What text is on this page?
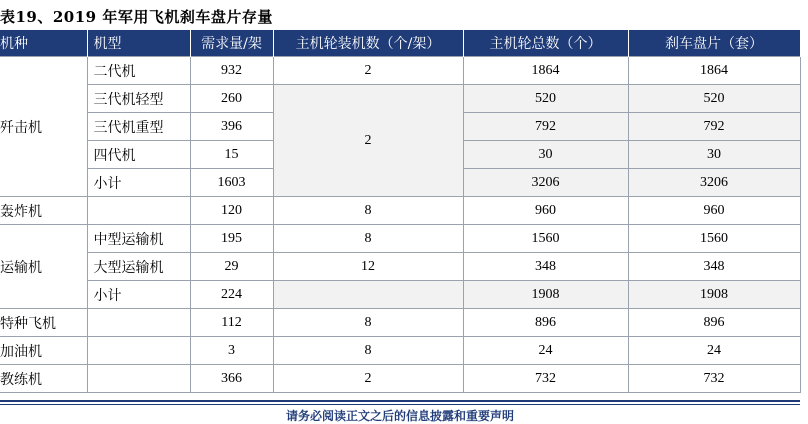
表19、2019 年军用飞机刹车盘片存量
机种	机型	需求量/架	主机轮装机数（个/架）	主机轮总数（个）	刹车盘片（套）
歼击机	二代机	932	2	1864	1864
	三代机轻型	260	2	520	520
	三代机重型	396		792	792
	四代机	15		30	30
	小计	1603		3206	3206
轰炸机		120	8	960	960
运输机	中型运输机	195	8	1560	1560
	大型运输机	29	12	348	348
	小计	224		1908	1908
特种飞机		112	8	896	896
加油机		3	8	24	24
教练机		366	2	732	732
请务必阅读正文之后的信息披露和重要声明
